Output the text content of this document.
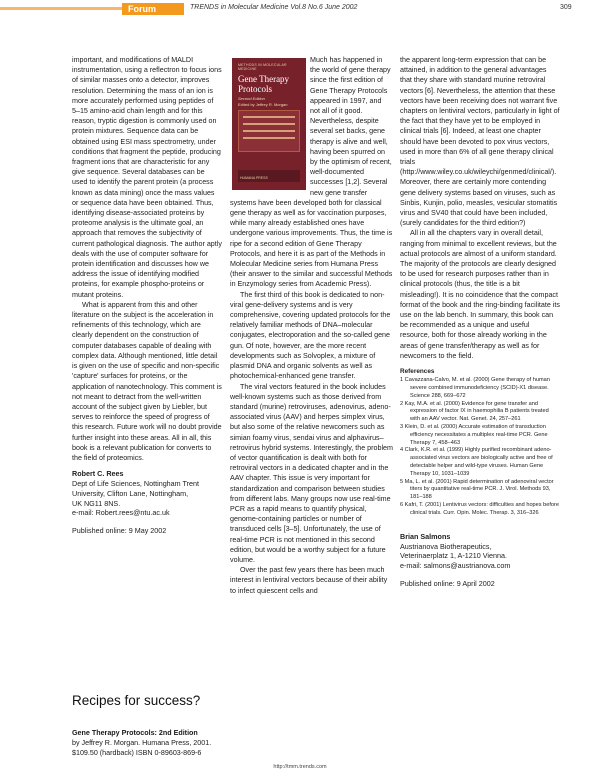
Forum	TRENDS in Molecular Medicine Vol.8 No.6 June 2002	309

important, and modifications of MALDI instrumentation, using a reflectron to focus ions of similar masses onto a detector, improves resolution. Determining the mass of an ion is more accurately performed using peptides of 5–15 amino-acid chain length and for this reason, tryptic digestion is commonly used on protein mixtures. Sequence data can be obtained using ESI mass spectrometry, under conditions that fragment the peptide, producing fragment ions that are characteristic for any give sequence. Several databases can be used to identify the parent protein (a process known as data mining) once the mass values or sequence data have been obtained. Thus, identifying disease-associated proteins by proteome analysis is the ultimate goal, an approach that removes the subjectivity of current pathological diagnosis. The author aptly deals with the use of computer software for protein identification and discusses how we address the issue of identifying modified proteins, for example phospho-proteins or mutant proteins.

What is apparent from this and other literature on the subject is the acceleration in refinements of this technology, which are clearly dependent on the construction of computer databases capable of dealing with complex data. Although mentioned, little detail is given on the use of specific and non-specific 'capture' surfaces for proteins, or the application of nanotechnology. This comment is not meant to detract from the well-written account of the subject given by Liebler, but serves to reinforce the speed of progress of this research. Future work will no doubt provide further insight into these areas. All in all, this book is a relevant publication for converts to the field of proteomics.

Robert C. Rees

Dept of Life Sciences, Nottingham Trent

University, Clifton Lane, Nottingham,

UK NG11 8NS.

e-mail: Robert.rees@ntu.ac.uk

Published online: 9 May 2002

Recipes for success?

Gene Therapy Protocols: 2nd Edition

by Jeffrey R. Morgan. Humana Press, 2001.

$109.50 (hardback) ISBN 0-89603-869-6

METHODS IN MOLECULAR MEDICINE
Gene Therapy Protocols
Second Edition
Edited by Jeffrey R. Morgan
HUMANA PRESS

Much has happened in the world of gene therapy since the first edition of Gene Therapy Protocols appeared in 1997, and not all of it good. Nevertheless, despite several set backs, gene therapy is alive and well, having been spurred on by the optimism of recent, well-documented successes [1,2]. Several new gene transfer systems have been developed both for classical gene therapy as well as for vaccination purposes, while many already established ones have undergone various improvements. Thus, the time is ripe for a second edition of Gene Therapy Protocols, and here it is as part of the Methods in Molecular Medicine series from Humana Press (their answer to the similar and successful Methods in Enzymology series from Academic Press).

The first third of this book is dedicated to non-viral gene-delivery systems and is very comprehensive, covering updated protocols for the relatively familiar methods of DNA–molecular conjugates, electroporation and the so-called gene gun. Of note, however, are the more recent developments such as Solvoplex, a mixture of plasmid DNA and organic solvents as well as photochemical-enhanced gene transfer.

The viral vectors featured in the book includes well-known systems such as those derived from standard (murine) retroviruses, adenovirus, adeno-associated virus (AAV) and herpes simplex virus, but also some of the relative newcomers such as simian foamy virus, sendai virus and alphavirus–retrovirus hybrid systems. Interestingly, the problem of vector quantification is dealt with both for retroviral vectors in a dedicated chapter and in the AAV chapter. This issue is very important for standardization and comparison between studies from different labs. Many groups now use real-time PCR as a rapid means to quantify physical, genome-containing particles or number of transduced cells [3–5]. Unfortunately, the use of real-time PCR is not mentioned in this second edition, but would be a worthy subject for a future volume.

Over the past few years there has been much interest in lentiviral vectors because of their ability to infect quiescent cells and

the apparent long-term expression that can be attained, in addition to the general advantages that they share with standard murine retroviral vectors [6]. Nevertheless, the attention that these vectors have been receiving does not warrant five chapters on lentiviral vectors, particularly in light of the fact that they have yet to be employed in clinical trials [6]. Indeed, at least one chapter should have been devoted to pox virus vectors, used in more than 6% of all gene therapy clinical trials (http://www.wiley.co.uk/wileychi/genmed/clinical/). Moreover, there are certainly more contending gene delivery systems based on viruses, such as Sinbis, Kunjin, polio, measles, vesicular stomatitis virus and SV40 that could have been included, (surely candidates for the third edition?)

All in all the chapters vary in overall detail, ranging from minimal to excellent reviews, but the actual protocols are almost of a uniform standard. The majority of the protocols are clearly designed to be used for research purposes rather than in clinical protocols (thus, the title is a bit misleading!). It is no coincidence that the compact format of the book and the ring-binding facilitate its use on the lab bench. In summary, this book can be recommended as a unique and useful resource, both for those already working in the areas of gene transfer/therapy as well as for newcomers to the field.

References

1 Cavazzana-Calvo, M. et al. (2000) Gene therapy of human severe combined immunodeficiency (SCID)-X1 disease. Science 288, 669–672

2 Kay, M.A. et al. (2000) Evidence for gene transfer and expression of factor IX in haemophilia B patients treated with an AAV vector. Nat. Genet. 24, 257–261

3 Klein, D. et al. (2000) Accurate estimation of transduction efficiency necessitates a multiplex real-time PCR. Gene Therapy 7, 458–463

4 Clark, K.R. et al. (1999) Highly purified recombinant adeno-associated virus vectors are biologically active and free of detectable helper and wild-type viruses. Human Gene Therapy 10, 1031–1039

5 Ma, L. et al. (2001) Rapid determination of adenoviral vector titers by quantitative real-time PCR. J. Virol. Methods 93, 181–188

6 Kafri, T. (2001) Lentivirus vectors: difficulties and hopes before clinical trials. Curr. Opin. Molec. Therap. 3, 316–326

Brian Salmons

Austrianova Biotherapeutics,

Veterinaerplatz 1, A-1210 Vienna.

e-mail: salmons@austrianova.com

Published online: 9 April 2002

http://tmm.trends.com
